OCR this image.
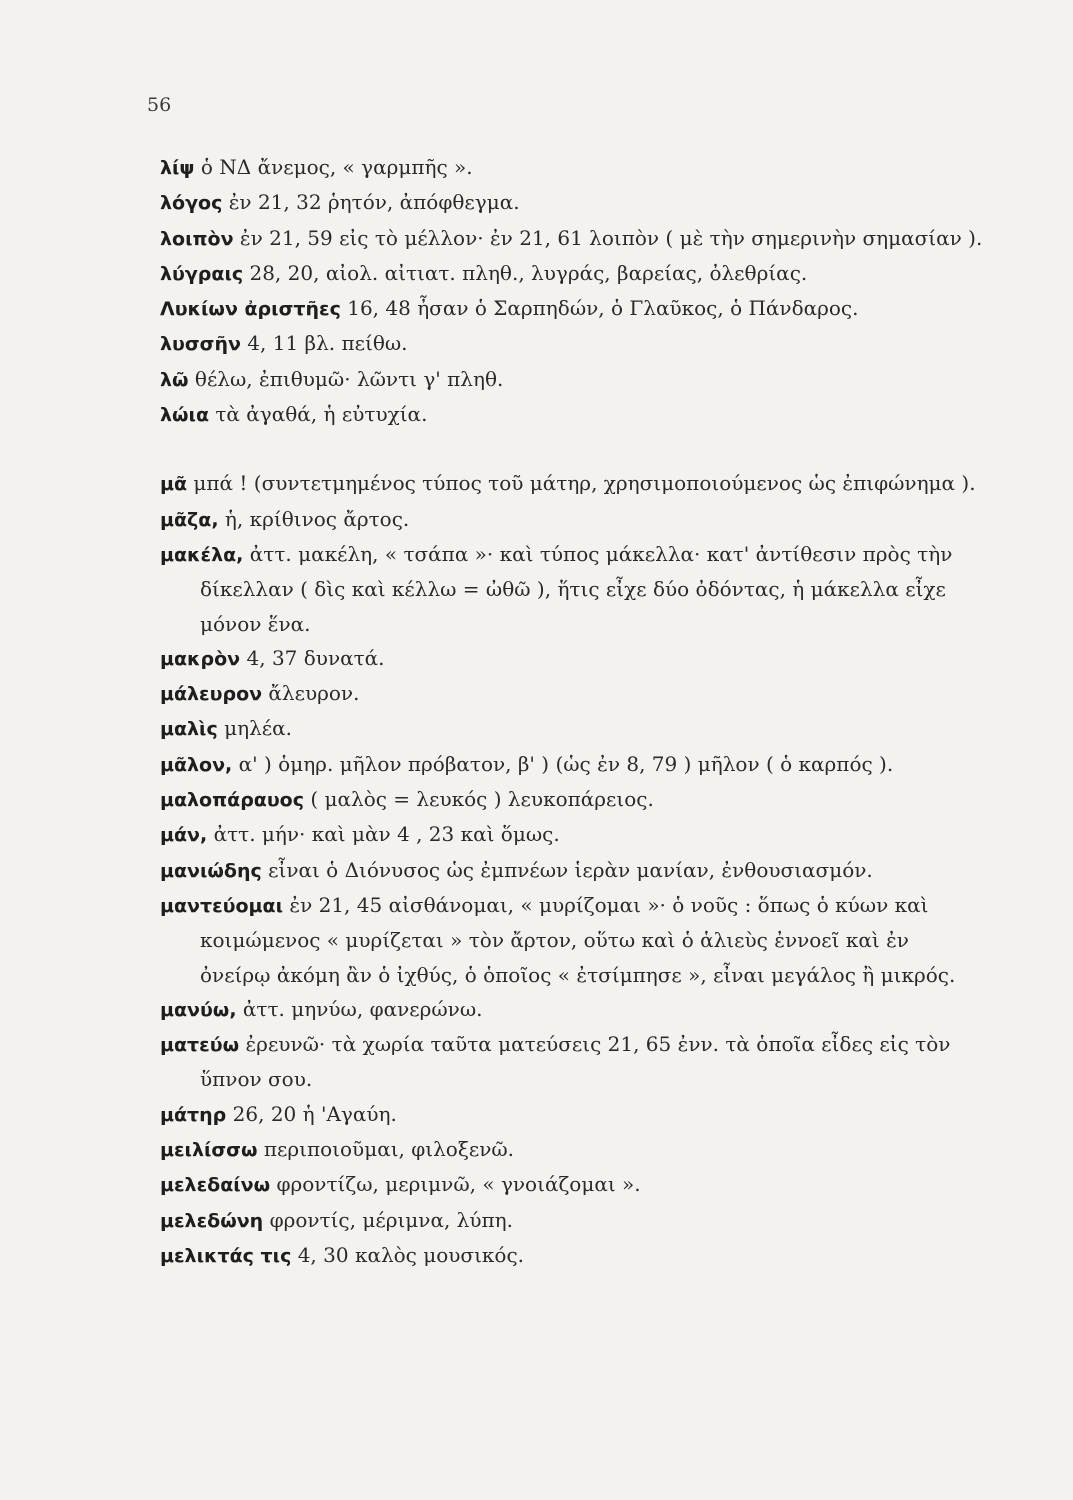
56

λίψ ὁ ΝΔ ἄνεμος, « γαρμπῆς ».

λόγος ἐν 21, 32 ῥητόν, ἀπόφθεγμα.

λοιπὸν ἐν 21, 59 εἰς τὸ μέλλον· ἐν 21, 61 λοιπὸν ( μὲ τὴν σημερινὴν σημασίαν ).

λύγραις 28, 20, αἰολ. αἰτιατ. πληθ., λυγράς, βαρείας, ὀλεθρίας.

Λυκίων ἀριστῆες 16, 48 ἦσαν ὁ Σαρπηδών, ὁ Γλαῦκος, ὁ Πάνδαρος.

λυσσῆν 4, 11 βλ. πείθω.

λῶ θέλω, ἐπιθυμῶ· λῶντι γ' πληθ.

λώια τὰ ἀγαθά, ἡ εὐτυχία.

μᾶ μπά ! (συντετμημένος τύπος τοῦ μάτηρ, χρησιμοποιούμενος ὡς ἐπιφώνημα ).

μᾶζα, ἡ, κρίθινος ἄρτος.

μακέλα, ἀττ. μακέλη, « τσάπα »· καὶ τύπος μάκελλα· κατ' ἀντίθεσιν πρὸς τὴν δίκελλαν ( δὶς καὶ κέλλω = ὠθῶ ), ἥτις εἶχε δύο ὀδόντας, ἡ μάκελλα εἶχε μόνον ἕνα.

μακρὸν 4, 37 δυνατά.

μάλευρον ἄλευρον.

μαλὶς μηλέα.

μᾶλον, α' ) ὁμηρ. μῆλον πρόβατον, β' ) (ὡς ἐν 8, 79 ) μῆλον ( ὁ καρπός ).

μαλοπάραυος ( μαλὸς = λευκός ) λευκοπάρειος.

μάν, ἀττ. μήν· καὶ μὰν 4 , 23 καὶ ὅμως.

μανιώδης εἶναι ὁ Διόνυσος ὡς ἐμπνέων ἱερὰν μανίαν, ἐνθουσιασμόν.

μαντεύομαι ἐν 21, 45 αἰσθάνομαι, « μυρίζομαι »· ὁ νοῦς : ὅπως ὁ κύων καὶ κοιμώμενος « μυρίζεται » τὸν ἄρτον, οὕτω καὶ ὁ ἁλιεὺς ἐννοεῖ καὶ ἐν ὀνείρῳ ἀκόμη ἂν ὁ ἰχθύς, ὁ ὁποῖος « ἐτσίμπησε », εἶναι μεγάλος ἢ μικρός.

μανύω, ἀττ. μηνύω, φανερώνω.

ματεύω ἐρευνῶ· τὰ χωρία ταῦτα ματεύσεις 21, 65 ἐνν. τὰ ὁποῖα εἶδες εἰς τὸν ὕπνον σου.

μάτηρ 26, 20 ἡ 'Αγαύη.

μειλίσσω περιποιοῦμαι, φιλοξενῶ.

μελεδαίνω φροντίζω, μεριμνῶ, « γνοιάζομαι ».

μελεδώνη φροντίς, μέριμνα, λύπη.

μελικτάς τις 4, 30 καλὸς μουσικός.
